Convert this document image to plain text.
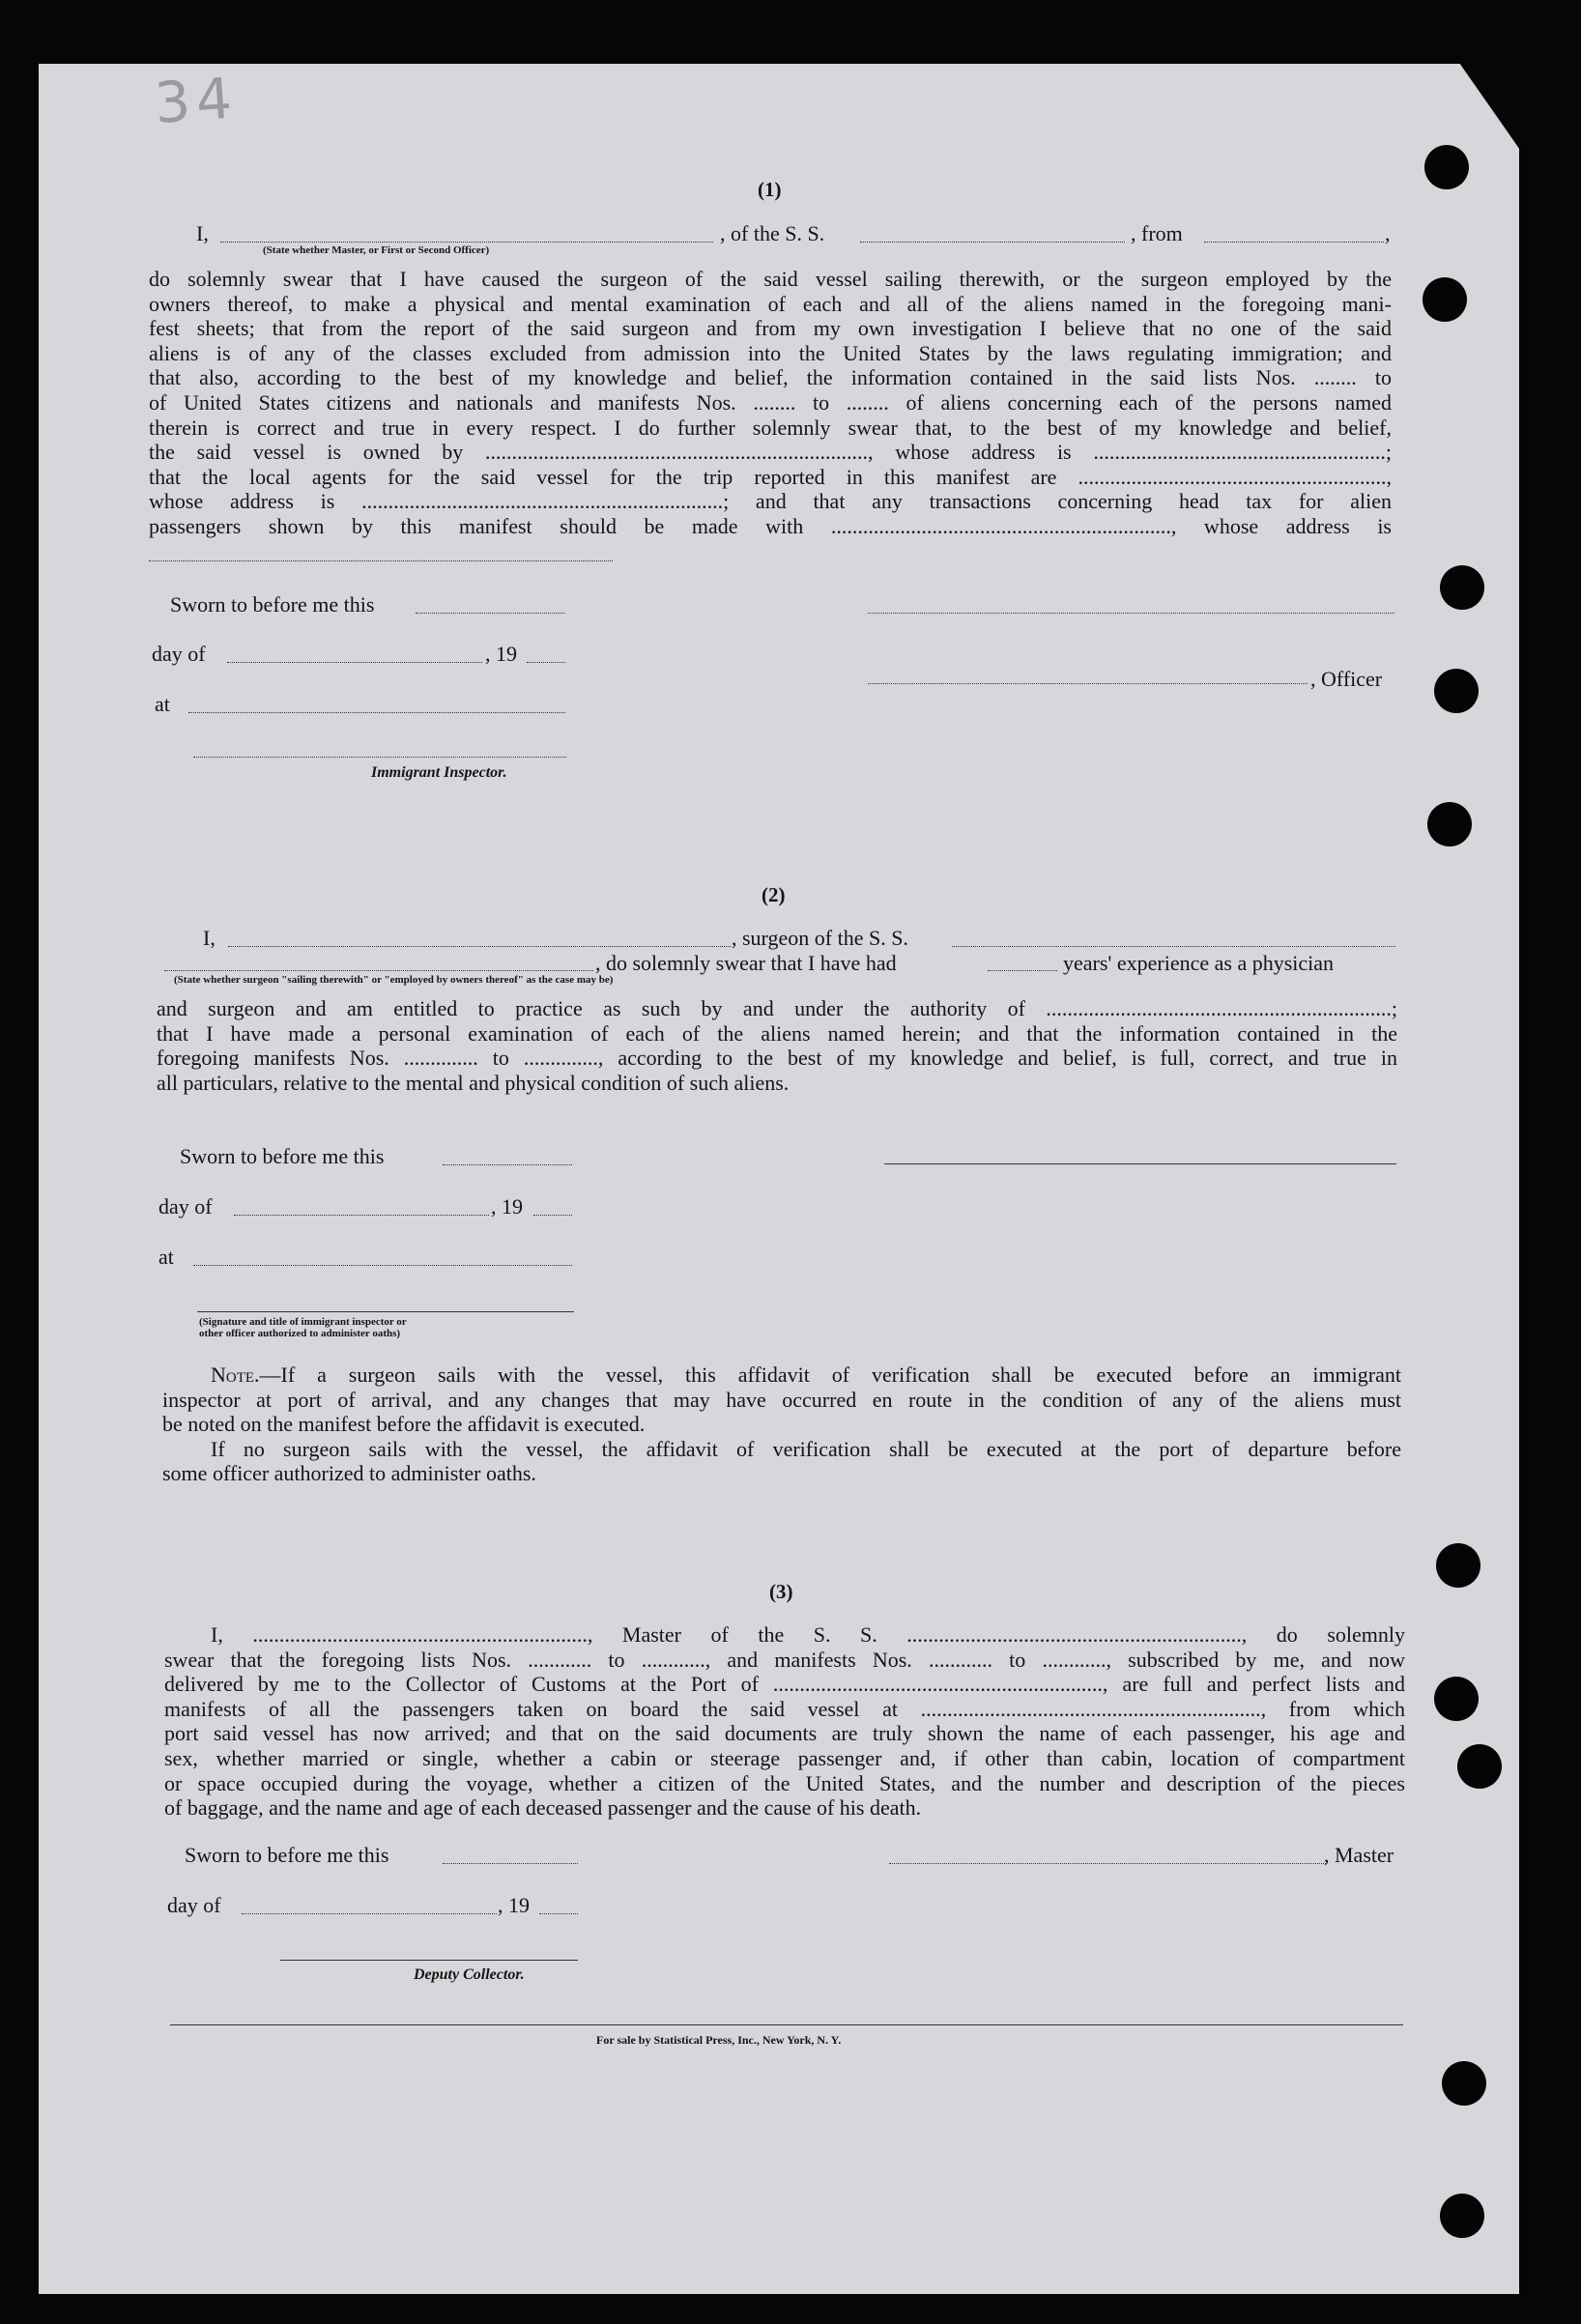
34
(1)
I,	, of the S. S.	, from	,
(State whether Master, or First or Second Officer)
do solemnly swear that I have caused the surgeon of the said vessel sailing therewith, or the surgeon employed by the
owners thereof, to make a physical and mental examination of each and all of the aliens named in the foregoing mani-
fest sheets; that from the report of the said surgeon and from my own investigation I believe that no one of the said
aliens is of any of the classes excluded from admission into the United States by the laws regulating immigration; and
that also, according to the best of my knowledge and belief, the information contained in the said lists Nos. ........ to
of United States citizens and nationals and manifests Nos. ........ to ........ of aliens concerning each of the persons named
therein is correct and true in every respect. I do further solemnly swear that, to the best of my knowledge and belief,
the said vessel is owned by ........................................................................, whose address is .......................................................;
that the local agents for the said vessel for the trip reported in this manifest are ..........................................................,
whose address is ....................................................................; and that any transactions concerning head tax for alien
passengers shown by this manifest should be made with ................................................................, whose address is
Sworn to before me this
day of	, 19
, Officer
at
Immigrant Inspector.
(2)
I,	, surgeon of the S. S.
, do solemnly swear that I have had	years' experience as a physician
(State whether surgeon "sailing therewith" or "employed by owners thereof" as the case may be)
and surgeon and am entitled to practice as such by and under the authority of .................................................................;
that I have made a personal examination of each of the aliens named herein; and that the information contained in the
foregoing manifests Nos. .............. to .............., according to the best of my knowledge and belief, is full, correct, and true in
all particulars, relative to the mental and physical condition of such aliens.
Sworn to before me this
day of	, 19
at
(Signature and title of immigrant inspector or
other officer authorized to administer oaths)
Note.—If a surgeon sails with the vessel, this affidavit of verification shall be executed before an immigrant
inspector at port of arrival, and any changes that may have occurred en route in the condition of any of the aliens must
be noted on the manifest before the affidavit is executed.
If no surgeon sails with the vessel, the affidavit of verification shall be executed at the port of departure before
some officer authorized to administer oaths.
(3)
I, ..............................................................., Master of the S. S. ..............................................................., do solemnly
swear that the foregoing lists Nos. ............ to ............, and manifests Nos. ............ to ............, subscribed by me, and now
delivered by me to the Collector of Customs at the Port of .............................................................., are full and perfect lists and
manifests of all the passengers taken on board the said vessel at ................................................................, from which
port said vessel has now arrived; and that on the said documents are truly shown the name of each passenger, his age and
sex, whether married or single, whether a cabin or steerage passenger and, if other than cabin, location of compartment
or space occupied during the voyage, whether a citizen of the United States, and the number and description of the pieces
of baggage, and the name and age of each deceased passenger and the cause of his death.
Sworn to before me this	, Master
day of	, 19
Deputy Collector.
For sale by Statistical Press, Inc., New York, N. Y.
